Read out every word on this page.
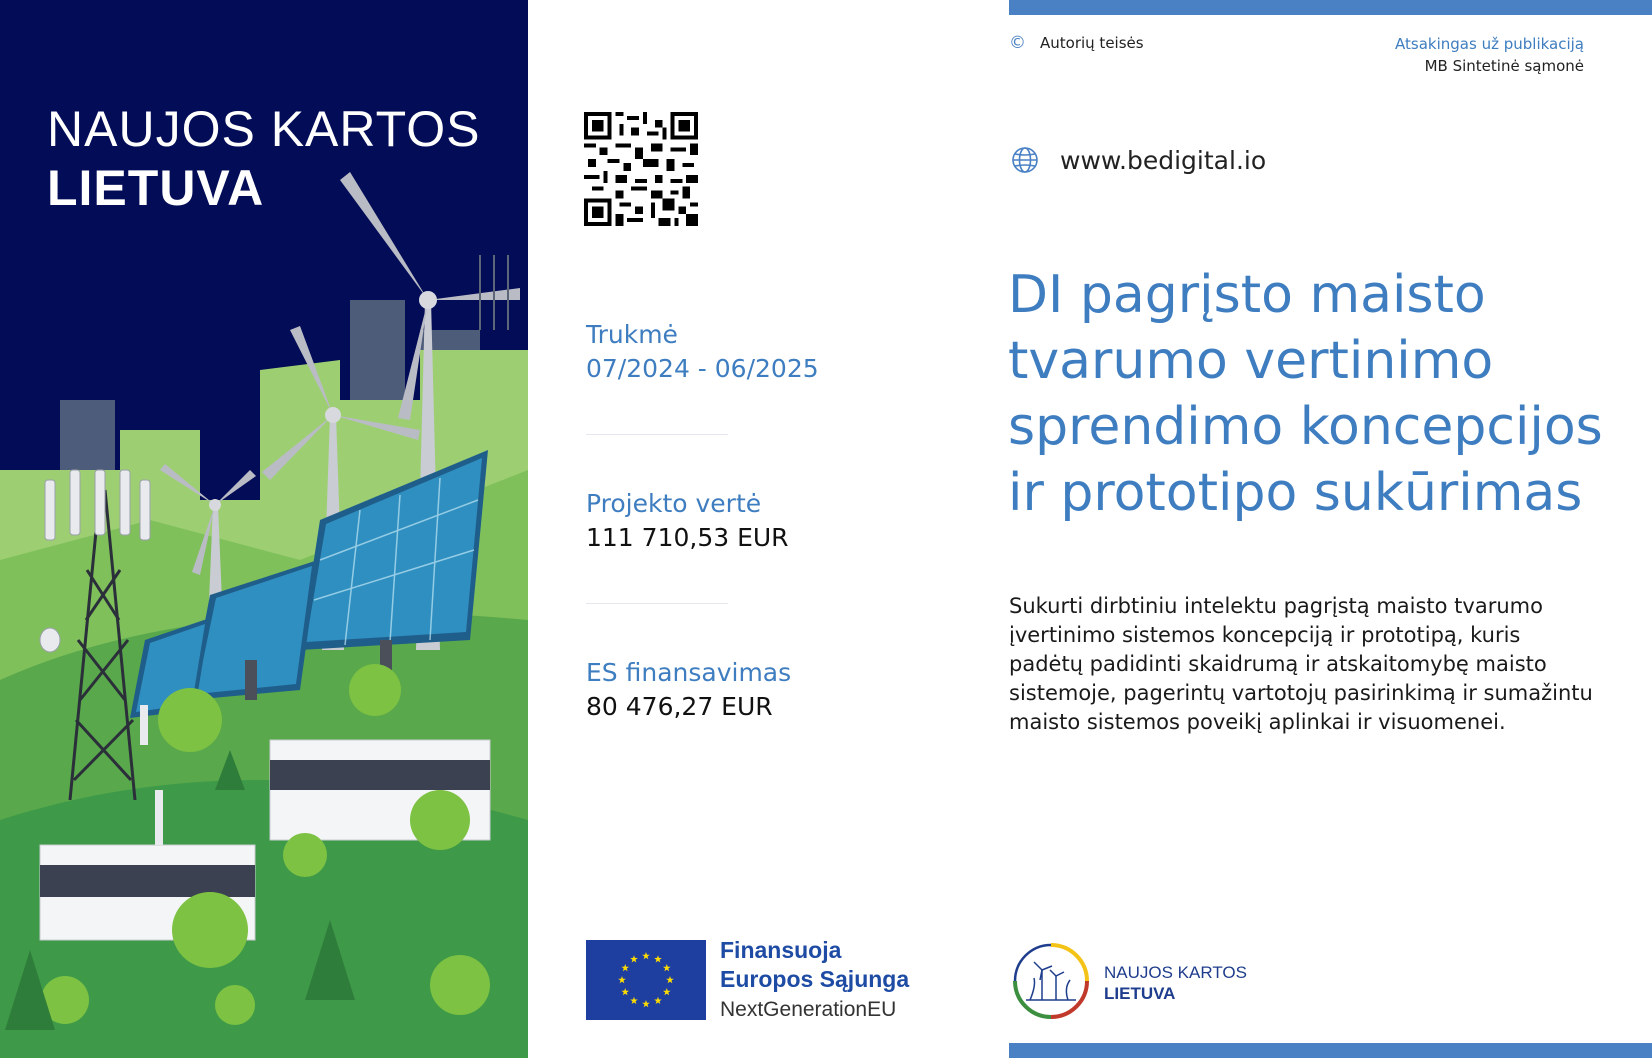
NAUJOS KARTOS
LIETUVA
Trukmė
07/2024 - 06/2025
Projekto vertė
111 710,53 EUR
ES finansavimas
80 476,27 EUR
Finansuoja
Europos Sąjunga
NextGenerationEU
© Autorių teisės	Atsakingas už publikaciją
MB Sintetinė sąmonė
www.bedigital.io
DI pagrįsto maisto
tvarumo vertinimo
sprendimo koncepcijos
ir prototipo sukūrimas
Sukurti dirbtiniu intelektu pagrįstą maisto tvarumo įvertinimo sistemos koncepciją ir prototipą, kuris padėtų padidinti skaidrumą ir atskaitomybę maisto sistemoje, pagerintų vartotojų pasirinkimą ir sumažintu maisto sistemos poveikį aplinkai ir visuomenei.
NAUJOS KARTOS
LIETUVA
